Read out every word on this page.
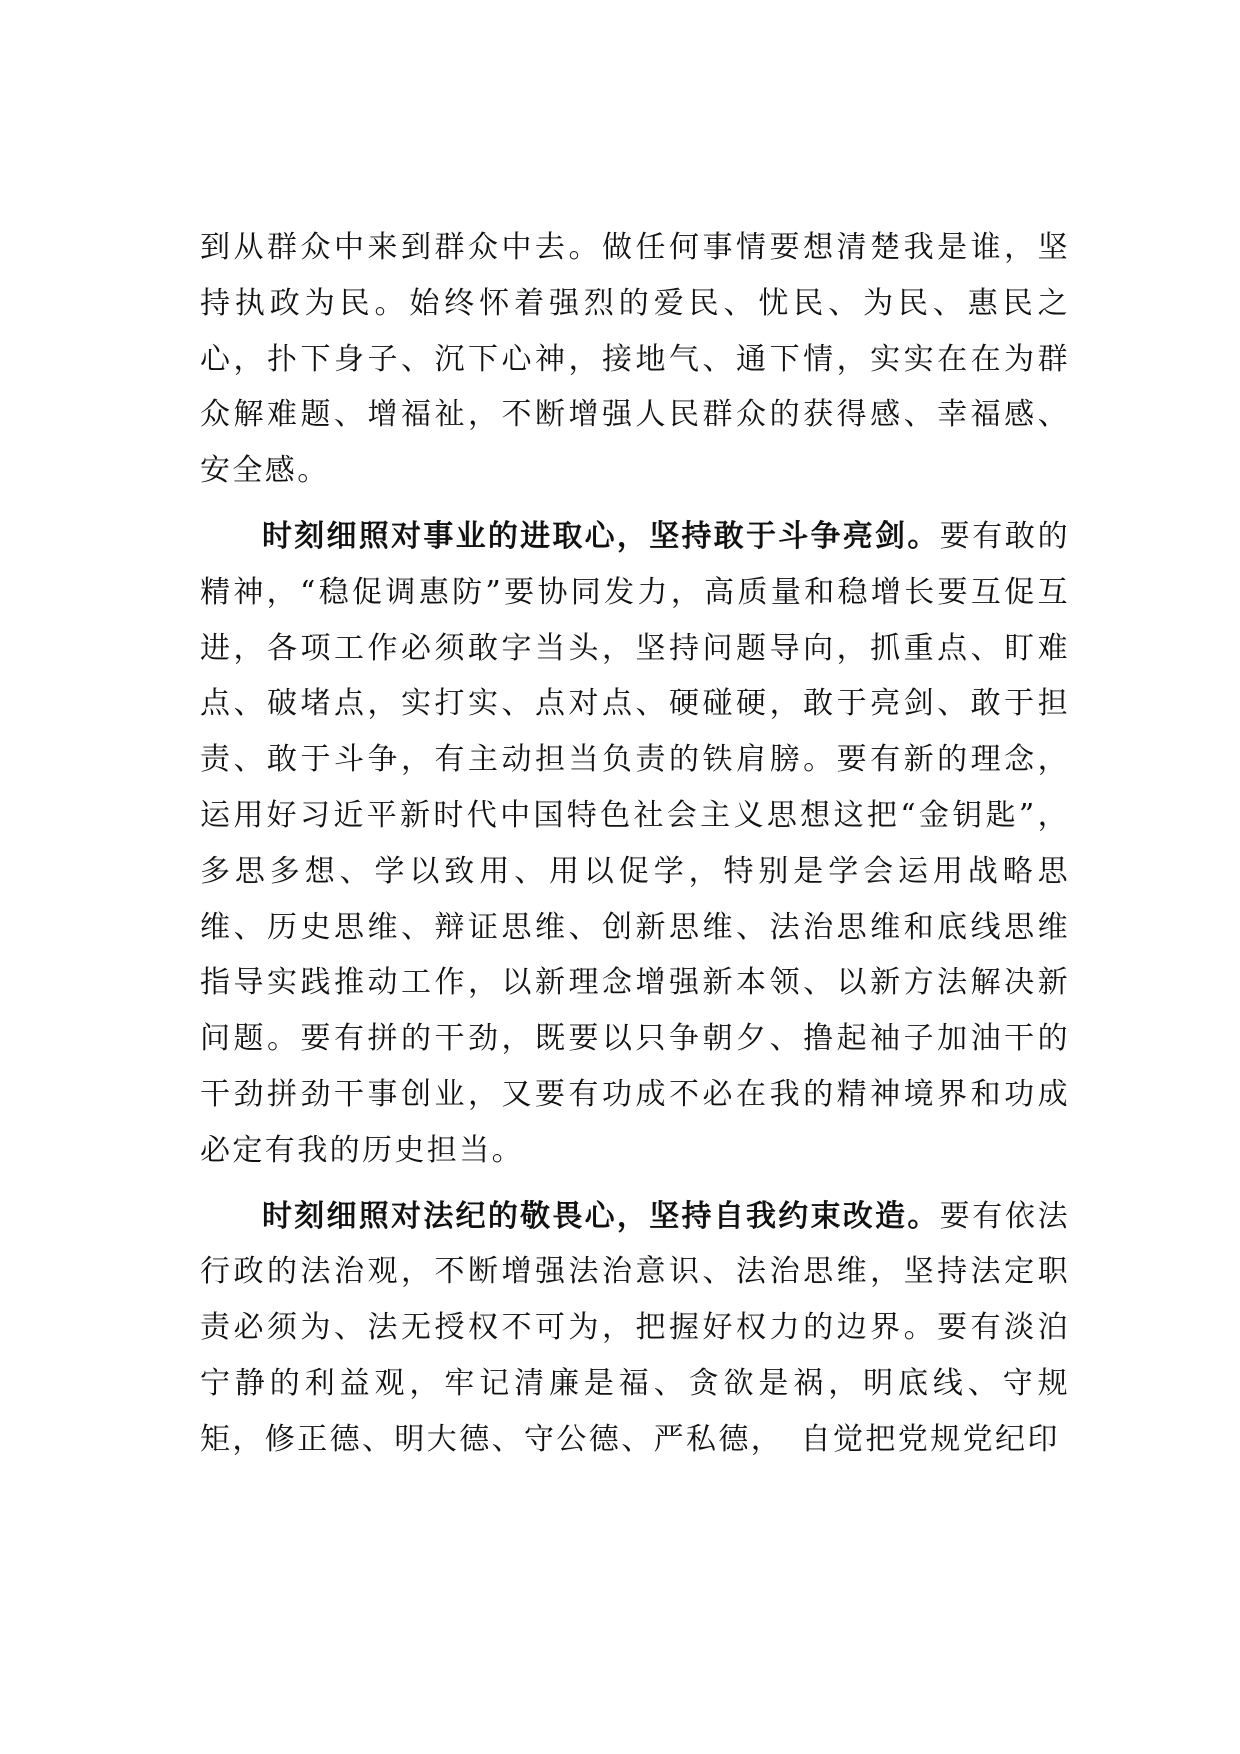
到从群众中来到群众中去。做任何事情要想清楚我是谁，坚持执政为民。始终怀着强烈的爱民、忧民、为民、惠民之心，扑下身子、沉下心神，接地气、通下情，实实在在为群众解难题、增福祉，不断增强人民群众的获得感、幸福感、安全感。

时刻细照对事业的进取心，坚持敢于斗争亮剑。要有敢的精神，“稳促调惠防”要协同发力，高质量和稳增长要互促互进，各项工作必须敢字当头，坚持问题导向，抓重点、盯难点、破堵点，实打实、点对点、硬碰硬，敢于亮剑、敢于担责、敢于斗争，有主动担当负责的铁肩膀。要有新的理念，运用好习近平新时代中国特色社会主义思想这把“金钥匙”，多思多想、学以致用、用以促学，特别是学会运用战略思维、历史思维、辩证思维、创新思维、法治思维和底线思维指导实践推动工作，以新理念增强新本领、以新方法解决新问题。要有拼的干劲，既要以只争朝夕、撸起袖子加油干的干劲拼劲干事创业，又要有功成不必在我的精神境界和功成必定有我的历史担当。

时刻细照对法纪的敬畏心，坚持自我约束改造。要有依法行政的法治观，不断增强法治意识、法治思维，坚持法定职责必须为、法无授权不可为，把握好权力的边界。要有淡泊宁静的利益观，牢记清廉是福、贪欲是祸，明底线、守规矩，修正德、明大德、守公德、严私德，　自觉把党规党纪印
